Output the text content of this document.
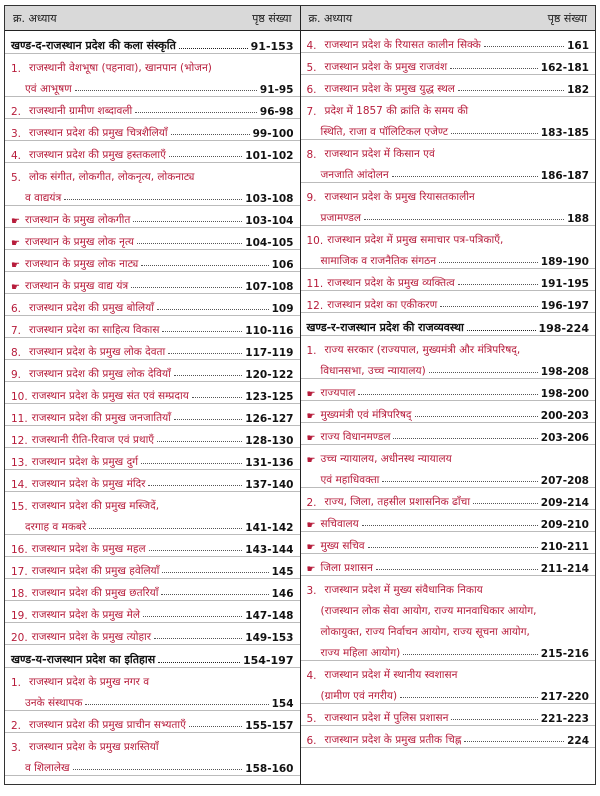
क्र. अध्याय	पृष्ठ संख्या
खण्ड-द-राजस्थान प्रदेश की कला संस्कृति	91-153
1. राजस्थानी वेशभूषा (पहनावा), खानपान (भोजन)
एवं आभूषण	91-95
2. राजस्थानी ग्रामीण शब्दावली	96-98
3. राजस्थान प्रदेश की प्रमुख चित्रशैलियाँ	99-100
4. राजस्थान प्रदेश की प्रमुख हस्तकलाएँ	101-102
5. लोक संगीत, लोकगीत, लोकनृत्य, लोकनाट्य
व वाद्ययंत्र	103-108
☛ राजस्थान के प्रमुख लोकगीत	103-104
☛ राजस्थान के प्रमुख लोक नृत्य	104-105
☛ राजस्थान के प्रमुख लोक नाट्य	106
☛ राजस्थान के प्रमुख वाद्य यंत्र	107-108
6. राजस्थान प्रदेश की प्रमुख बोलियाँ	109
7. राजस्थान प्रदेश का साहित्य विकास	110-116
8. राजस्थान प्रदेश के प्रमुख लोक देवता	117-119
9. राजस्थान प्रदेश की प्रमुख लोक देवियाँ	120-122
10. राजस्थान प्रदेश के प्रमुख संत एवं सम्प्रदाय	123-125
11. राजस्थान प्रदेश की प्रमुख जनजातियाँ	126-127
12. राजस्थानी रीति-रिवाज एवं प्रथाएँ	128-130
13. राजस्थान प्रदेश के प्रमुख दुर्ग	131-136
14. राजस्थान प्रदेश के प्रमुख मंदिर	137-140
15. राजस्थान प्रदेश की प्रमुख मस्जिदें,
दरगाह व मकबरे	141-142
16. राजस्थान प्रदेश के प्रमुख महल	143-144
17. राजस्थान प्रदेश की प्रमुख हवेलियाँ	145
18. राजस्थान प्रदेश की प्रमुख छतरियाँ	146
19. राजस्थान प्रदेश के प्रमुख मेले	147-148
20. राजस्थान प्रदेश के प्रमुख त्योहार	149-153
खण्ड-य-राजस्थान प्रदेश का इतिहास	154-197
1. राजस्थान प्रदेश के प्रमुख नगर व
उनके संस्थापक	154
2. राजस्थान प्रदेश की प्रमुख प्राचीन सभ्यताएँ	155-157
3. राजस्थान प्रदेश के प्रमुख प्रशस्तियाँ
व शिलालेख	158-160
क्र. अध्याय	पृष्ठ संख्या
4. राजस्थान प्रदेश के रियासत कालीन सिक्के	161
5. राजस्थान प्रदेश के प्रमुख राजवंश	162-181
6. राजस्थान प्रदेश के प्रमुख युद्ध स्थल	182
7. प्रदेश में 1857 की क्रांति के समय की
स्थिति, राजा व पॉलिटिकल एजेण्ट	183-185
8. राजस्थान प्रदेश में किसान एवं
जनजाति आंदोलन	186-187
9. राजस्थान प्रदेश के प्रमुख रियासतकालीन
प्रजामण्डल	188
10. राजस्थान प्रदेश में प्रमुख समाचार पत्र-पत्रिकाएँ,
सामाजिक व राजनैतिक संगठन	189-190
11. राजस्थान प्रदेश के प्रमुख व्यक्तित्व	191-195
12. राजस्थान प्रदेश का एकीकरण	196-197
खण्ड-र-राजस्थान प्रदेश की राजव्यवस्था	198-224
1. राज्य सरकार (राज्यपाल, मुख्यमंत्री और मंत्रिपरिषद्,
विधानसभा, उच्च न्यायालय)	198-208
☛ राज्यपाल	198-200
☛ मुख्यमंत्री एवं मंत्रिपरिषद्	200-203
☛ राज्य विधानमण्डल	203-206
☛ उच्च न्यायालय, अधीनस्थ न्यायालय
एवं महाधिवक्ता	207-208
2. राज्य, जिला, तहसील प्रशासनिक ढाँचा	209-214
☛ सचिवालय	209-210
☛ मुख्य सचिव	210-211
☛ जिला प्रशासन	211-214
3. राजस्थान प्रदेश में मुख्य संवैधानिक निकाय
(राजस्थान लोक सेवा आयोग, राज्य मानवाधिकार आयोग,
लोकायुक्त, राज्य निर्वाचन आयोग, राज्य सूचना आयोग,
राज्य महिला आयोग)	215-216
4. राजस्थान प्रदेश में स्थानीय स्वशासन
(ग्रामीण एवं नगरीय)	217-220
5. राजस्थान प्रदेश में पुलिस प्रशासन	221-223
6. राजस्थान प्रदेश के प्रमुख प्रतीक चिह्न	224
